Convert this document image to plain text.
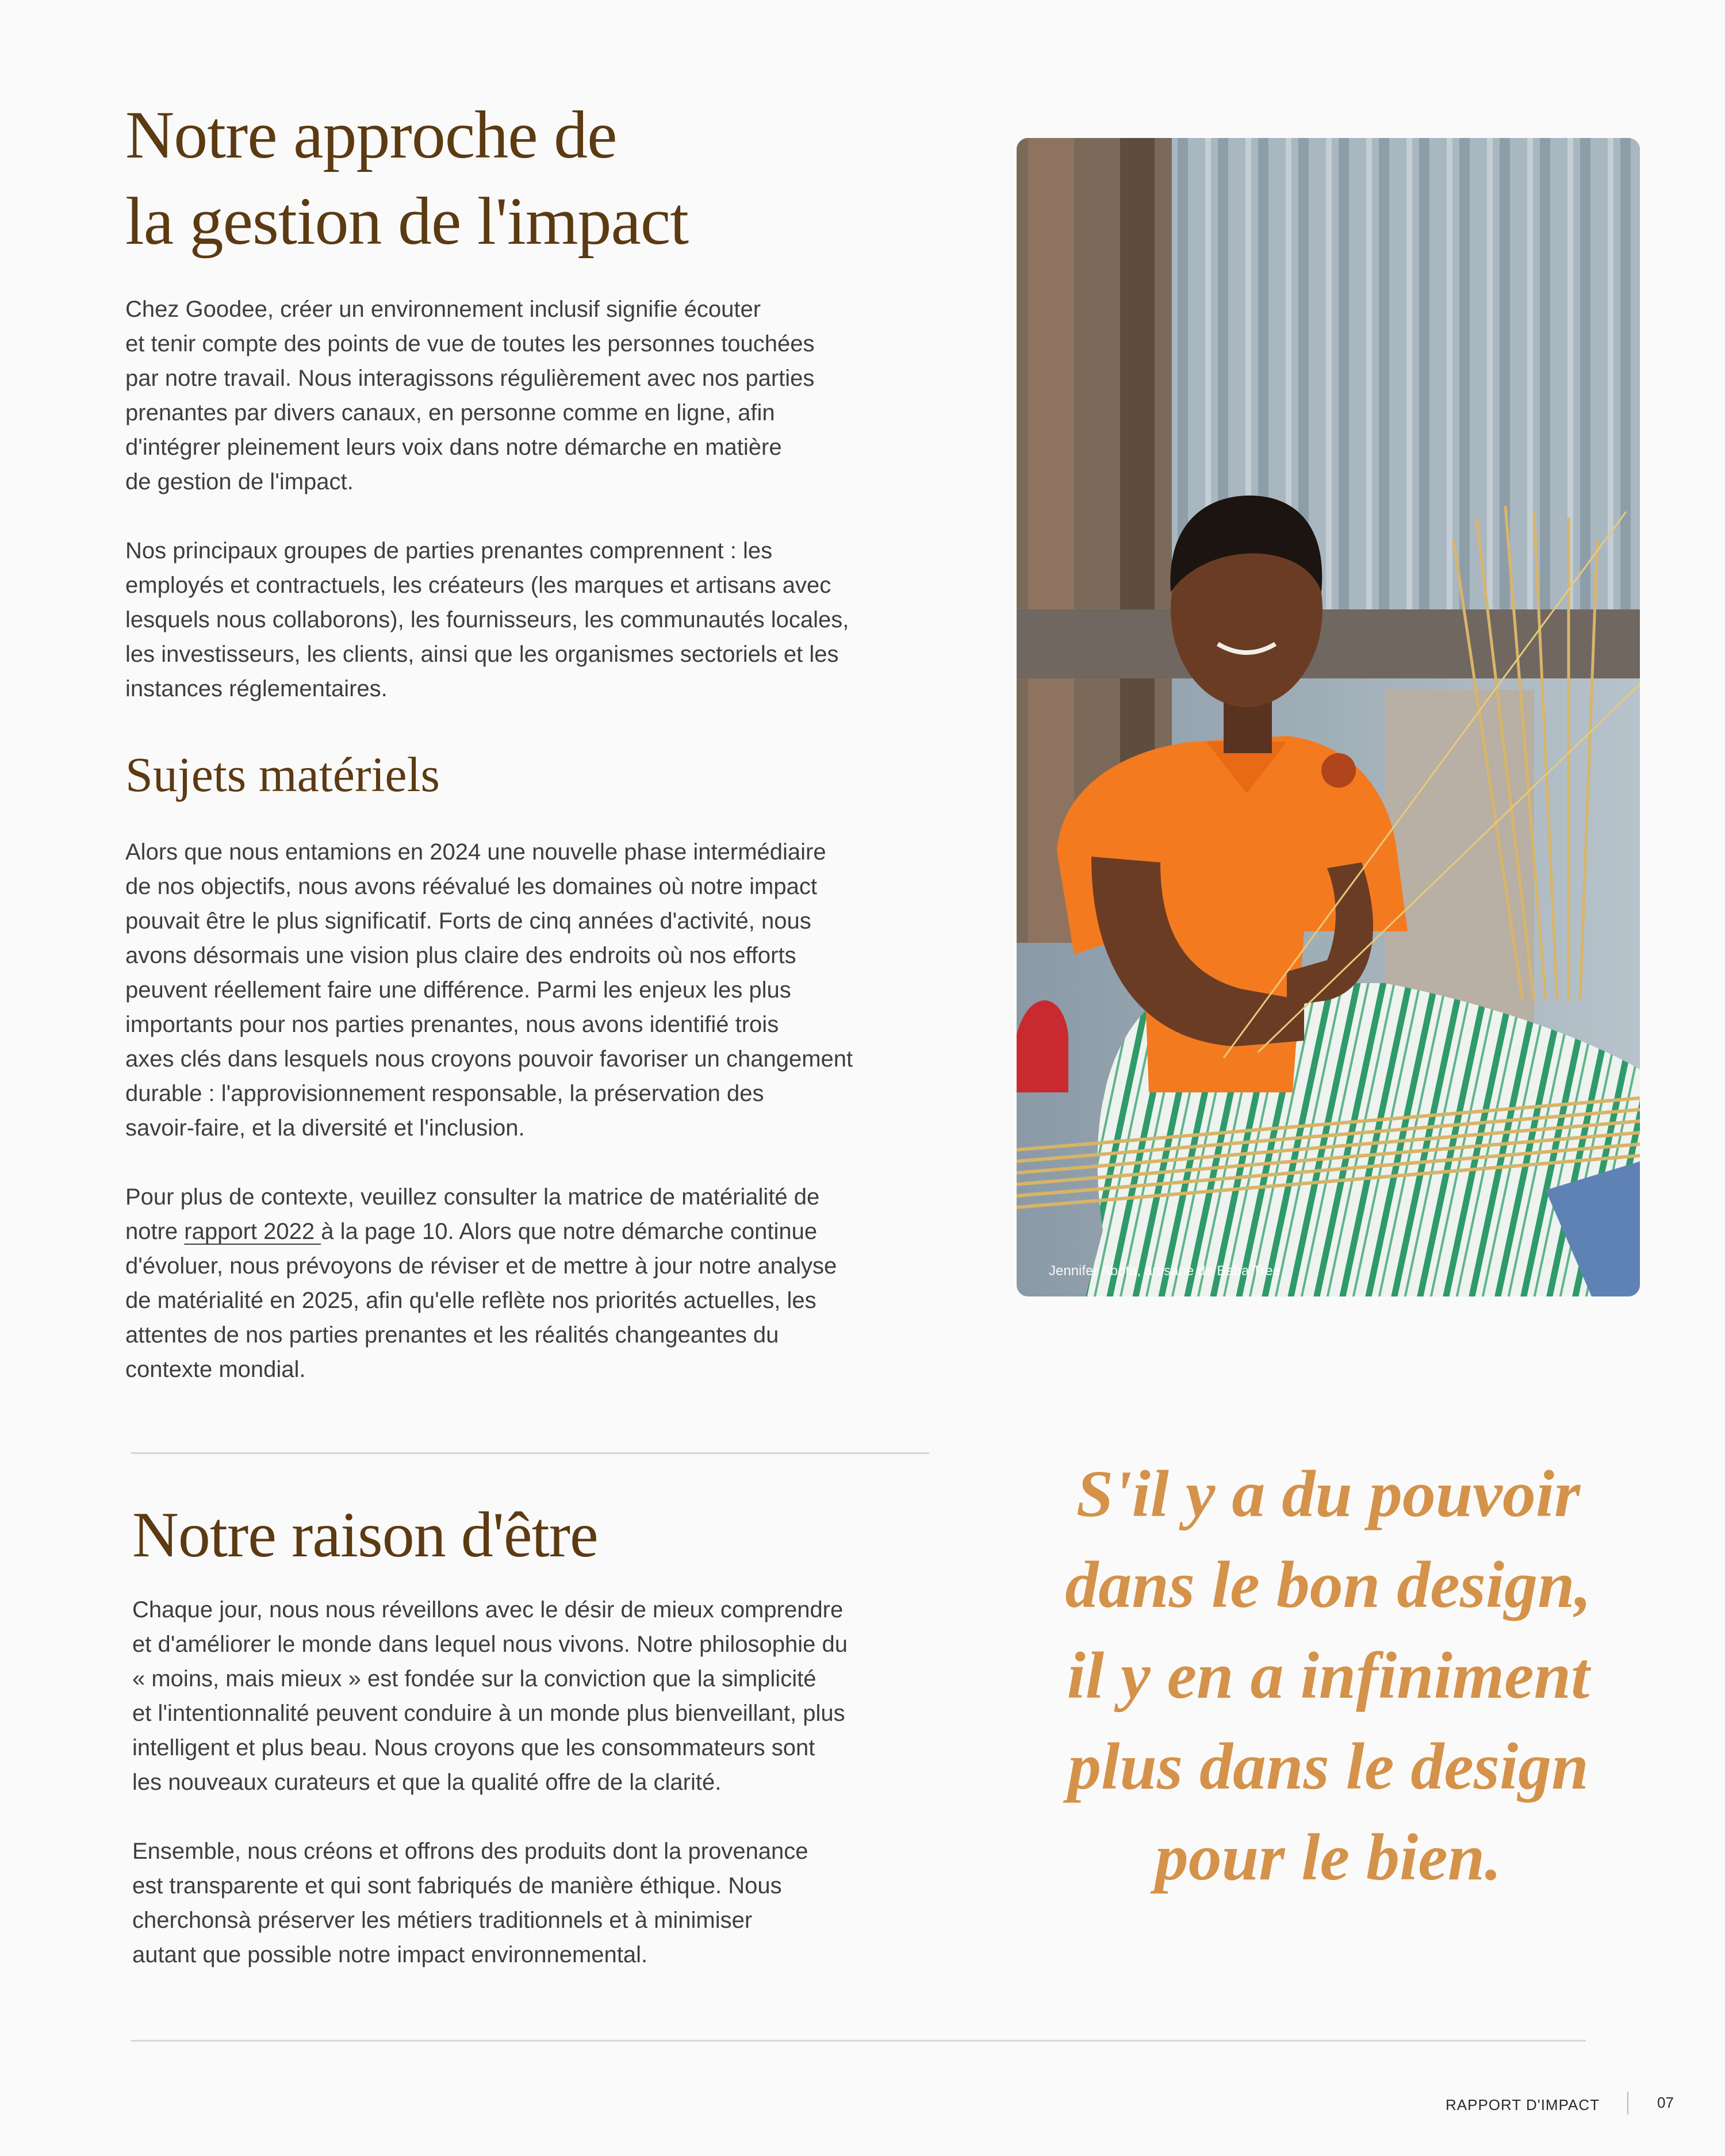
Notre approche de
la gestion de l'impact

Chez Goodee, créer un environnement inclusif signifie écouter
et tenir compte des points de vue de toutes les personnes touchées
par notre travail. Nous interagissons régulièrement avec nos parties
prenantes par divers canaux, en personne comme en ligne, afin
d'intégrer pleinement leurs voix dans notre démarche en matière
de gestion de l'impact.

Nos principaux groupes de parties prenantes comprennent : les
employés et contractuels, les créateurs (les marques et artisans avec
lesquels nous collaborons), les fournisseurs, les communautés locales,
les investisseurs, les clients, ainsi que les organismes sectoriels et les
instances réglementaires.

Sujets matériels

Alors que nous entamions en 2024 une nouvelle phase intermédiaire
de nos objectifs, nous avons réévalué les domaines où notre impact
pouvait être le plus significatif. Forts de cinq années d'activité, nous
avons désormais une vision plus claire des endroits où nos efforts
peuvent réellement faire une différence. Parmi les enjeux les plus
importants pour nos parties prenantes, nous avons identifié trois
axes clés dans lesquels nous croyons pouvoir favoriser un changement
durable : l'approvisionnement responsable, la préservation des
savoir-faire, et la diversité et l'inclusion.

Pour plus de contexte, veuillez consulter la matrice de matérialité de
notre rapport 2022 à la page 10. Alors que notre démarche continue
d'évoluer, nous prévoyons de réviser et de mettre à jour notre analyse
de matérialité en 2025, afin qu'elle reflète nos priorités actuelles, les
attentes de nos parties prenantes et les réalités changeantes du
contexte mondial.

Jennifer Abota, artisane de Baba Tree
Notre raison d'être

Chaque jour, nous nous réveillons avec le désir de mieux comprendre
et d'améliorer le monde dans lequel nous vivons. Notre philosophie du
« moins, mais mieux » est fondée sur la conviction que la simplicité
et l'intentionnalité peuvent conduire à un monde plus bienveillant, plus
intelligent et plus beau. Nous croyons que les consommateurs sont
les nouveaux curateurs et que la qualité offre de la clarité.

Ensemble, nous créons et offrons des produits dont la provenance
est transparente et qui sont fabriqués de manière éthique. Nous
cherchonsà préserver les métiers traditionnels et à minimiser
autant que possible notre impact environnemental.

S'il y a du pouvoir
dans le bon design,
il y en a infiniment
plus dans le design
pour le bien.
RAPPORT D'IMPACT	07
